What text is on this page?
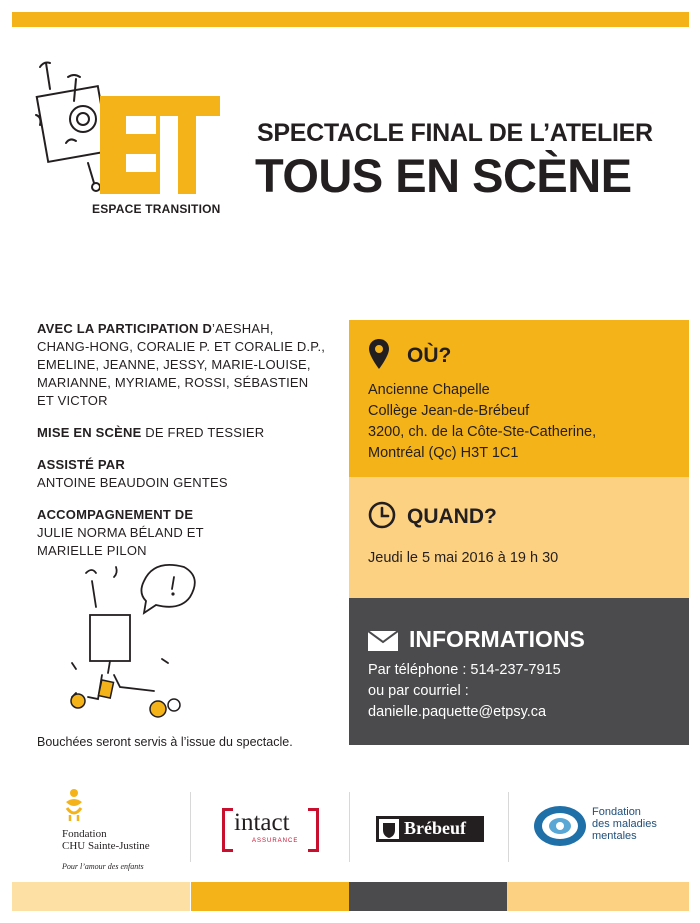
ESPACE TRANSITION
SPECTACLE FINAL DE L’ATELIER
TOUS EN SCÈNE

AVEC LA PARTICIPATION D’AESHAH, CHANG-HONG, CORALIE P. ET CORALIE D.P., EMELINE, JEANNE, JESSY, MARIE-LOUISE, MARIANNE, MYRIAME, ROSSI, SÉBASTIEN ET VICTOR

MISE EN SCÈNE DE FRED TESSIER

ASSISTÉ PAR
ANTOINE BEAUDOIN GENTES

ACCOMPAGNEMENT DE
JULIE NORMA BÉLAND ET MARIELLE PILON

Bouchées seront servis à l’issue du spectacle.
OÙ?
Ancienne Chapelle
Collège Jean-de-Brébeuf
3200, ch. de la Côte-Ste-Catherine,
Montréal (Qc) H3T 1C1
QUAND?
Jeudi le 5 mai 2016 à 19 h 30
INFORMATIONS
Par téléphone : 514-237-7915
ou par courriel :
danielle.paquette@etpsy.ca
Fondation
CHU Sainte-Justine
Pour l’amour des enfants
intact
ASSURANCE
Brébeuf
Fondation
des maladies
mentales
